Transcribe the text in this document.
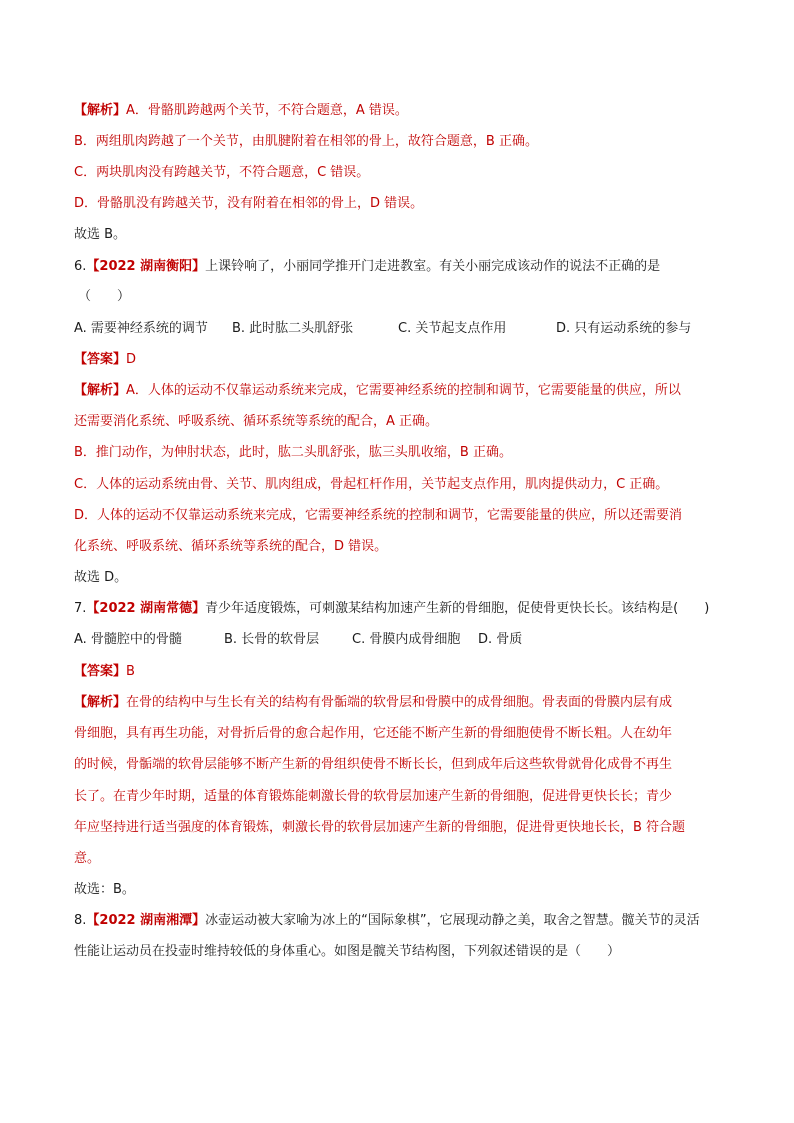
【解析】A．骨骼肌跨越两个关节，不符合题意，A 错误。
B．两组肌肉跨越了一个关节，由肌腱附着在相邻的骨上，故符合题意，B 正确。
C．两块肌肉没有跨越关节，不符合题意，C 错误。
D．骨骼肌没有跨越关节，没有附着在相邻的骨上，D 错误。
故选 B。
6.【2022 湖南衡阳】上课铃响了，小丽同学推开门走进教室。有关小丽完成该动作的说法不正确的是
（　　）
A. 需要神经系统的调节 B. 此时肱二头肌舒张	C. 关节起支点作用	D. 只有运动系统的参与
【答案】D
【解析】A．人体的运动不仅靠运动系统来完成，它需要神经系统的控制和调节，它需要能量的供应，所以
还需要消化系统、呼吸系统、循环系统等系统的配合，A 正确。
B．推门动作，为伸肘状态，此时，肱二头肌舒张，肱三头肌收缩，B 正确。
C．人体的运动系统由骨、关节、肌肉组成，骨起杠杆作用，关节起支点作用，肌肉提供动力，C 正确。
D．人体的运动不仅靠运动系统来完成，它需要神经系统的控制和调节，它需要能量的供应，所以还需要消
化系统、呼吸系统、循环系统等系统的配合，D 错误。
故选 D。
7.【2022 湖南常德】青少年适度锻炼，可刺激某结构加速产生新的骨细胞，促使骨更快长长。该结构是(　　)
A. 骨髓腔中的骨髓	B. 长骨的软骨层	C. 骨膜内成骨细胞 D. 骨质
【答案】B
【解析】在骨的结构中与生长有关的结构有骨骺端的软骨层和骨膜中的成骨细胞。骨表面的骨膜内层有成
骨细胞，具有再生功能，对骨折后骨的愈合起作用，它还能不断产生新的骨细胞使骨不断长粗。人在幼年
的时候，骨骺端的软骨层能够不断产生新的骨组织使骨不断长长，但到成年后这些软骨就骨化成骨不再生
长了。在青少年时期，适量的体育锻炼能刺激长骨的软骨层加速产生新的骨细胞，促进骨更快长长；青少
年应坚持进行适当强度的体育锻炼，刺激长骨的软骨层加速产生新的骨细胞，促进骨更快地长长，B 符合题
意。
故选：B。
8.【2022 湖南湘潭】冰壶运动被大家喻为冰上的“国际象棋”，它展现动静之美，取舍之智慧。髋关节的灵活
性能让运动员在投壶时维持较低的身体重心。如图是髋关节结构图，下列叙述错误的是（　　）
